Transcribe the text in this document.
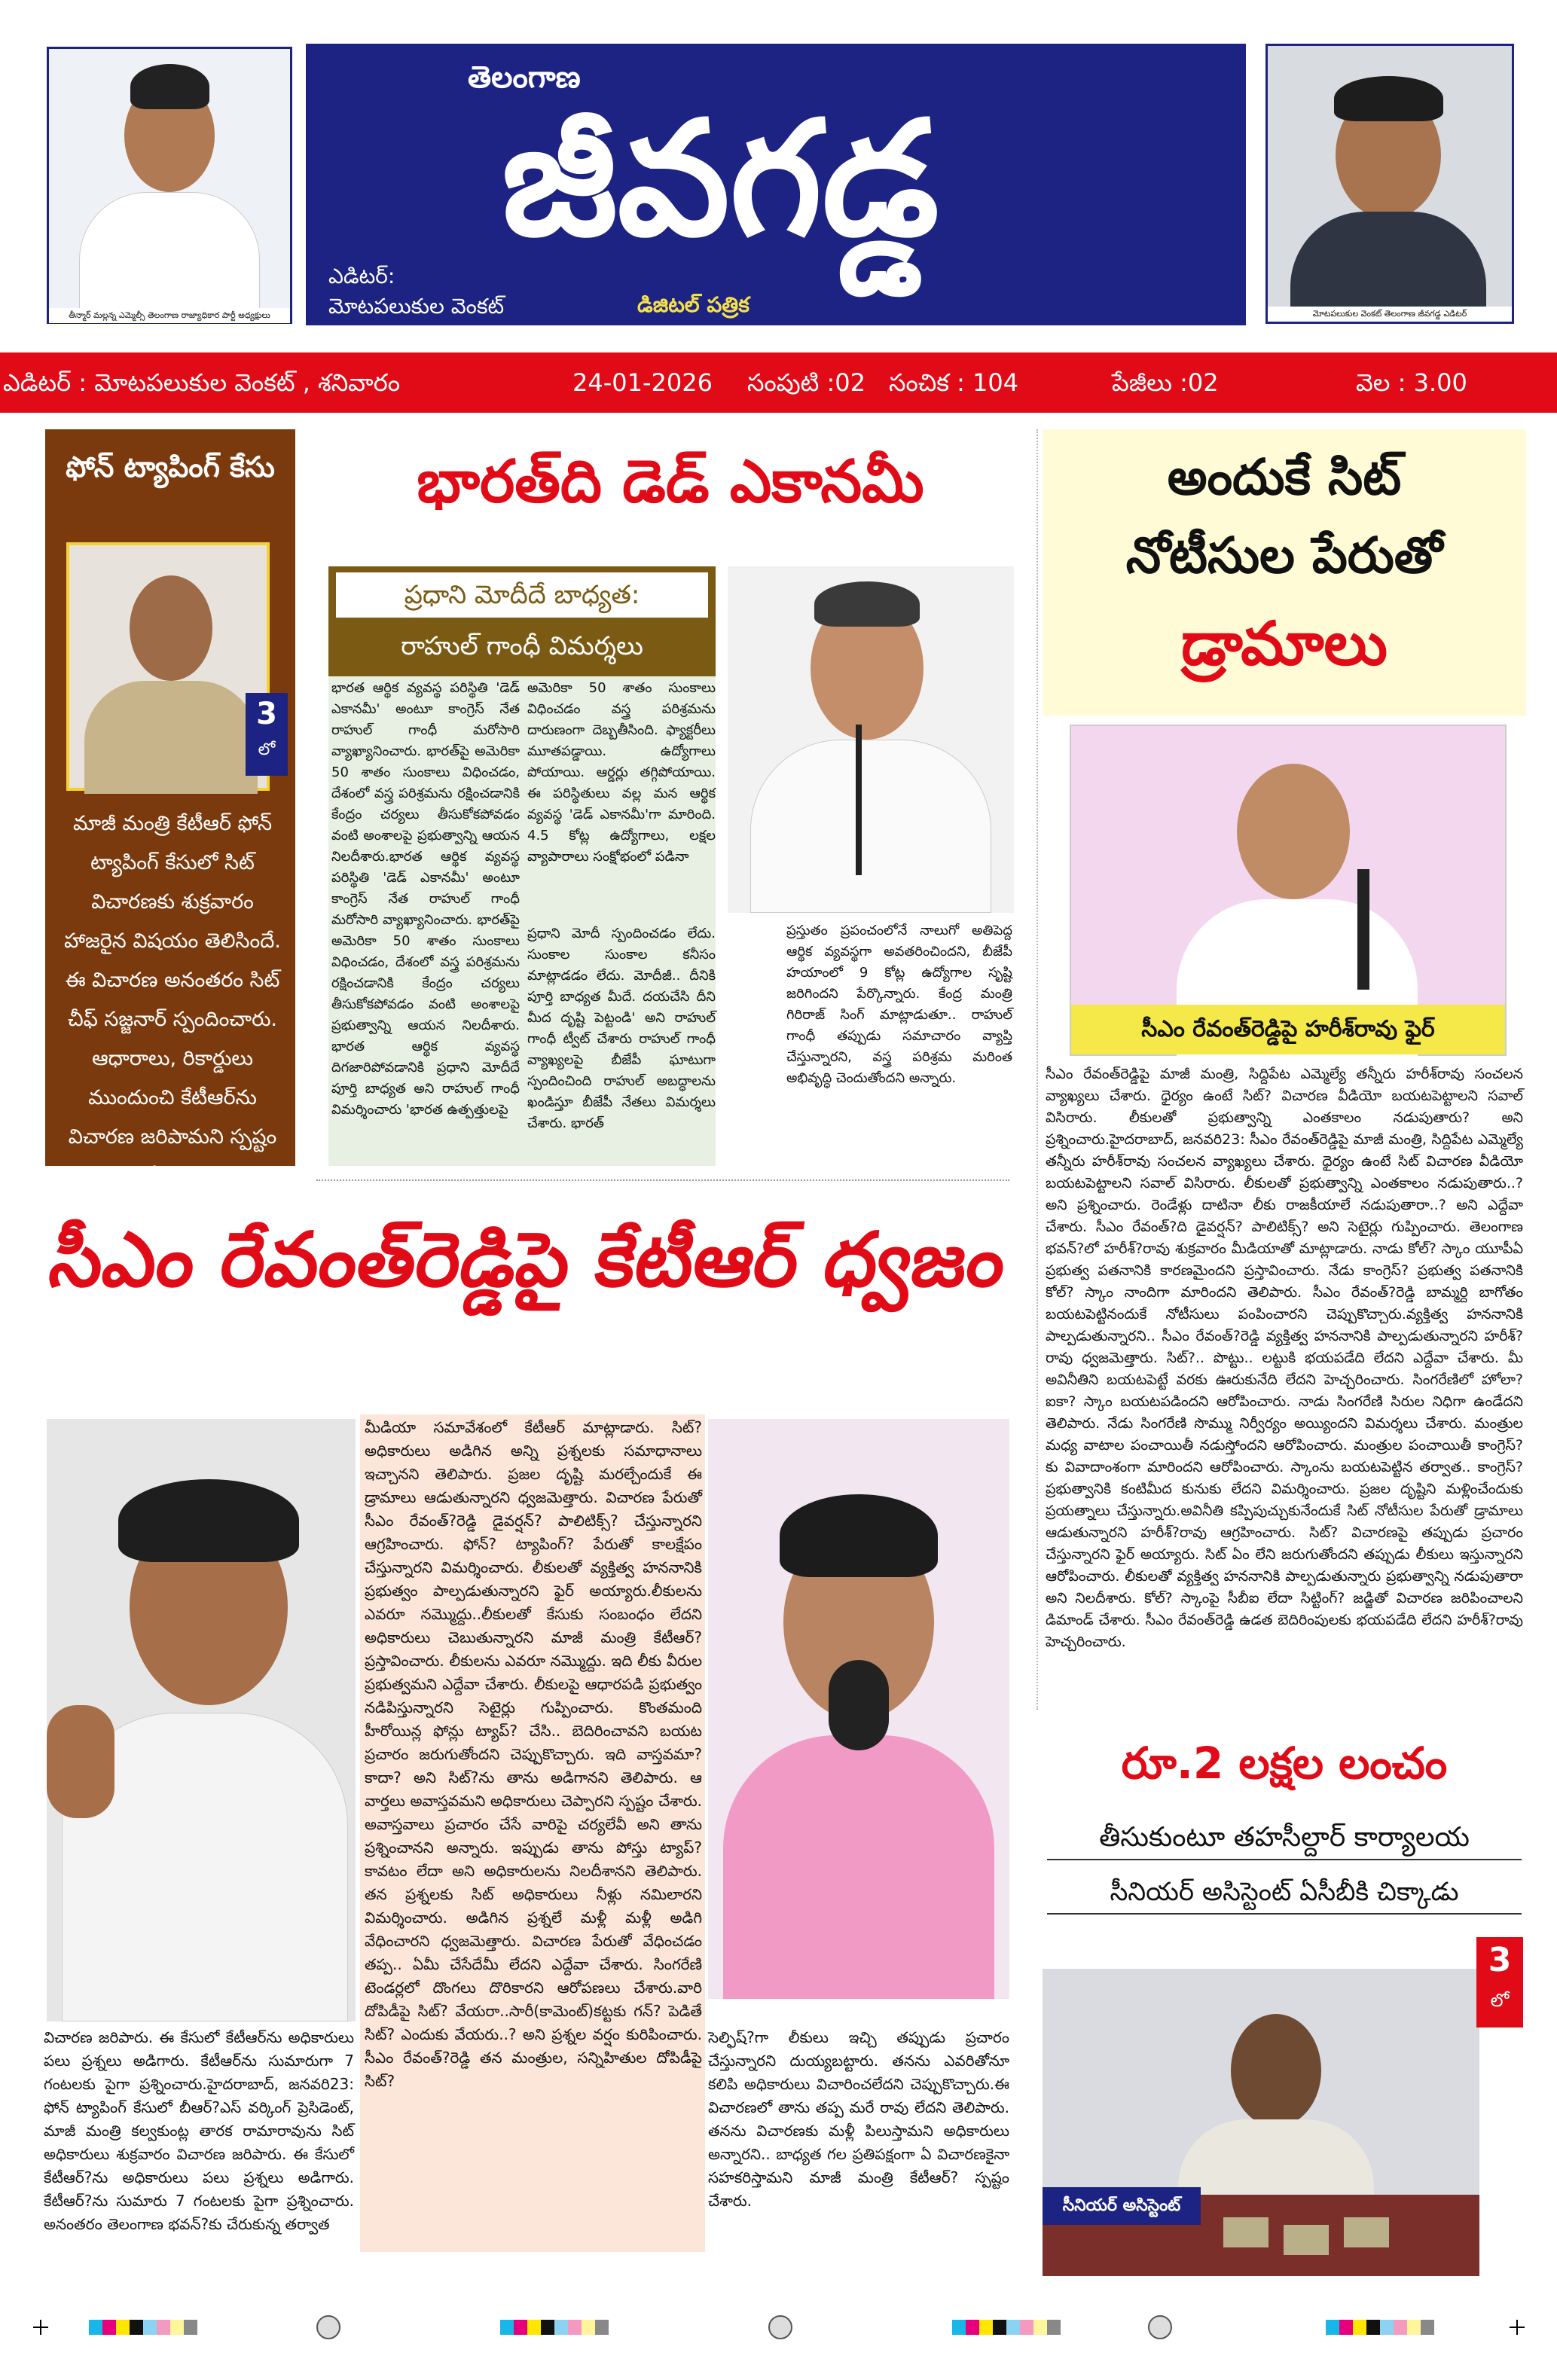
తీన్మార్ మల్లన్న ఎమ్మెల్సీ తెలంగాణ రాజ్యాధికార పార్టీ అధ్యక్షులు
తెలంగాణ
జీవగడ్డ
ఎడిటర్:
మోటపలుకుల వెంకట్	డిజిటల్ పత్రిక	మోటపలుకుల వెంకట్ తెలంగాణ జీవగడ్డ ఎడిటర్
ఎడిటర్ : మోటపలుకుల వెంకట్ , శనివారం	24-01-2026 సంపుటి :02 సంచిక : 104	పేజీలు :02	వెల : 3.00
ఫోన్ ట్యాపింగ్ కేసు
3
లో
మాజీ మంత్రి కేటీఆర్ ఫోన్ ట్యాపింగ్ కేసులో సిట్ విచారణకు శుక్రవారం హాజరైన విషయం తెలిసిందే. ఈ విచారణ అనంతరం సిట్ చీఫ్ సజ్జనార్ స్పందించారు. ఆధారాలు, రికార్డులు ముందుంచి కేటీఆర్‌ను విచారణ జరిపామని స్పష్టం చేశారు.
భారత్‌ది డెడ్ ఎకానమీ
ప్రధాని మోదీదే బాధ్యత:
రాహుల్ గాంధీ విమర్శలు
భారత ఆర్థిక వ్యవస్థ పరిస్థితి 'డెడ్ ఎకానమీ' అంటూ కాంగ్రెస్ నేత రాహుల్ గాంధీ మరోసారి వ్యాఖ్యానించారు. భారత్‌పై అమెరికా 50 శాతం సుంకాలు విధించడం, దేశంలో వస్త్ర పరిశ్రమను రక్షించడానికి కేంద్రం చర్యలు తీసుకోకపోవడం వంటి అంశాలపై ప్రభుత్వాన్ని ఆయన నిలదీశారు.భారత ఆర్థిక వ్యవస్థ పరిస్థితి 'డెడ్ ఎకానమీ' అంటూ కాంగ్రెస్ నేత రాహుల్ గాంధీ మరోసారి వ్యాఖ్యానించారు. భారత్‌పై అమెరికా 50 శాతం సుంకాలు విధించడం, దేశంలో వస్త్ర పరిశ్రమను రక్షించడానికి కేంద్రం చర్యలు తీసుకోకపోవడం వంటి అంశాలపై ప్రభుత్వాన్ని ఆయన నిలదీశారు. భారత ఆర్థిక వ్యవస్థ దిగజారిపోవడానికి ప్రధాని మోదీదే పూర్తి బాధ్యత అని రాహుల్ గాంధీ విమర్శించారు 'భారత ఉత్పత్తులపై
అమెరికా 50 శాతం సుంకాలు విధించడం వస్త్ర పరిశ్రమను దారుణంగా దెబ్బతీసింది. ఫ్యాక్టరీలు మూతపడ్డాయి. ఉద్యోగాలు పోయాయి. ఆర్డర్లు తగ్గిపోయాయి. ఈ పరిస్థితులు వల్ల మన ఆర్థిక వ్యవస్థ 'డెడ్ ఎకానమీ'గా మారింది. 4.5 కోట్ల ఉద్యోగాలు, లక్షల వ్యాపారాలు సంక్షోభంలో పడినా
ప్రధాని మోదీ స్పందించడం లేదు. సుంకాల సుంకాల కనీసం మాట్లాడడం లేదు. మోదీజీ.. దీనికి పూర్తి బాధ్యత మీదే. దయచేసి దీని మీద దృష్టి పెట్టండి' అని రాహుల్ గాంధీ ట్వీట్ చేశారు రాహుల్ గాంధీ వ్యాఖ్యలపై బీజేపీ ఘాటుగా స్పందించింది రాహుల్ అబద్ధాలను ఖండిస్తూ బీజేపీ నేతలు విమర్శలు చేశారు. భారత్
ప్రస్తుతం ప్రపంచంలోనే నాలుగో అతిపెద్ద ఆర్థిక వ్యవస్థగా అవతరించిందని, బీజేపీ హయాంలో 9 కోట్ల ఉద్యోగాల సృష్టి జరిగిందని పేర్కొన్నారు. కేంద్ర మంత్రి గిరిరాజ్ సింగ్ మాట్లాడుతూ.. రాహుల్ గాంధీ తప్పుడు సమాచారం వ్యాప్తి చేస్తున్నారని, వస్త్ర పరిశ్రమ మరింత అభివృద్ధి చెందుతోందని అన్నారు.
అందుకే సిట్
నోటీసుల పేరుతో
డ్రామాలు
సీఎం రేవంత్‌రెడ్డిపై హరీశ్‌రావు ఫైర్
సీఎం రేవంత్‌రెడ్డిపై మాజీ మంత్రి, సిద్దిపేట ఎమ్మెల్యే తన్నీరు హరీశ్‌రావు సంచలన వ్యాఖ్యలు చేశారు. ధైర్యం ఉంటే సిట్? విచారణ వీడియో బయటపెట్టాలని సవాల్ విసిరారు. లీకులతో ప్రభుత్వాన్ని ఎంతకాలం నడుపుతారు? అని ప్రశ్నించారు.హైదరాబాద్, జనవరి23: సీఎం రేవంత్‌రెడ్డిపై మాజీ మంత్రి, సిద్దిపేట ఎమ్మెల్యే తన్నీరు హరీశ్‌రావు సంచలన వ్యాఖ్యలు చేశారు. ధైర్యం ఉంటే సిట్ విచారణ వీడియో బయటపెట్టాలని సవాల్ విసిరారు. లీకులతో ప్రభుత్వాన్ని ఎంతకాలం నడుపుతారు..? అని ప్రశ్నించారు. రెండేళ్లు దాటినా లీకు రాజకీయాలే నడుపుతారా..? అని ఎద్దేవా చేశారు. సీఎం రేవంత్?ది డైవర్షన్? పాలిటిక్స్? అని సెటైర్లు గుప్పించారు. తెలంగాణ భవన్?లో హరీశ్?రావు శుక్రవారం మీడియాతో మాట్లాడారు. నాడు కోల్? స్కాం యూపీఏ ప్రభుత్వ పతనానికి కారణమైందని ప్రస్తావించారు. నేడు కాంగ్రెస్? ప్రభుత్వ పతనానికి కోల్? స్కాం నాందిగా మారిందని తెలిపారు. సీఎం రేవంత్?రెడ్డి బామ్మర్ది బాగోతం బయటపెట్టినందుకే నోటీసులు పంపించారని చెప్పుకొచ్చారు.వ్యక్తిత్వ హననానికి పాల్పడుతున్నారని.. సీఎం రేవంత్?రెడ్డి వ్యక్తిత్వ హననానికి పాల్పడుతున్నారని హరీశ్?రావు ధ్వజమెత్తారు. సిట్?.. పొట్టు.. లట్టుకి భయపడేది లేదని ఎద్దేవా చేశారు. మీ అవినీతిని బయటపెట్టే వరకు ఊరుకునేది లేదని హెచ్చరించారు. సింగరేణిలో హోలా? ఐకా? స్కాం బయటపడిందని ఆరోపించారు. నాడు సింగరేణి సిరుల నిధిగా ఉండేదని తెలిపారు. నేడు సింగరేణి సొమ్ము నిర్వీర్యం అయ్యిందని విమర్శలు చేశారు. మంత్రుల మధ్య వాటాల పంచాయితీ నడుస్తోందని ఆరోపించారు. మంత్రుల పంచాయితీ కాంగ్రెస్?కు వివాదాంశంగా మారిందని ఆరోపించారు. స్కాంను బయటపెట్టిన తర్వాత.. కాంగ్రెస్? ప్రభుత్వానికి కంటిమీద కునుకు లేదని విమర్శించారు. ప్రజల దృష్టిని మళ్లించేందుకు ప్రయత్నాలు చేస్తున్నారు.అవినీతి కప్పిపుచ్చుకునేందుకే సిట్ నోటీసుల పేరుతో డ్రామాలు ఆడుతున్నారని హరీశ్?రావు ఆగ్రహించారు. సిట్? విచారణపై తప్పుడు ప్రచారం చేస్తున్నారని ఫైర్ అయ్యారు. సిట్ ఏం లేని జరుగుతోందని తప్పుడు లీకులు ఇస్తున్నారని ఆరోపించారు. లీకులతో వ్యక్తిత్వ హననానికి పాల్పడుతున్నారు ప్రభుత్వాన్ని నడుపుతారా అని నిలదీశారు. కోల్? స్కాంపై సీబీఐ లేదా సిట్టింగ్? జడ్జితో విచారణ జరిపించాలని డిమాండ్ చేశారు. సీఎం రేవంత్‌రెడ్డి ఉడత బెదిరింపులకు భయపడేది లేదని హరీశ్?రావు హెచ్చరించారు.
రూ.2 లక్షల లంచం
తీసుకుంటూ తహసీల్దార్ కార్యాలయ
సీనియర్ అసిస్టెంట్ ఏసీబీకి చిక్కాడు
సీనియర్ అసిస్టెంట్
3
లో
సీఎం రేవంత్‌రెడ్డిపై కేటీఆర్ ధ్వజం
మీడియా సమావేశంలో కేటీఆర్ మాట్లాడారు. సిట్? అధికారులు అడిగిన అన్ని ప్రశ్నలకు సమాధానాలు ఇచ్చానని తెలిపారు. ప్రజల దృష్టి మరల్చేందుకే ఈ డ్రామాలు ఆడుతున్నారని ధ్వజమెత్తారు. విచారణ పేరుతో సీఎం రేవంత్?రెడ్డి డైవర్షన్? పాలిటిక్స్? చేస్తున్నారని ఆగ్రహించారు. ఫోన్? ట్యాపింగ్? పేరుతో కాలక్షేపం చేస్తున్నారని విమర్శించారు. లీకులతో వ్యక్తిత్వ హననానికి ప్రభుత్వం పాల్పడుతున్నారని ఫైర్ అయ్యారు.లీకులను ఎవరూ నమ్మొద్దు..లీకులతో కేసుకు సంబంధం లేదని అధికారులు చెబుతున్నారని మాజీ మంత్రి కేటీఆర్? ప్రస్తావించారు. లీకులను ఎవరూ నమ్మొద్దు. ఇది లీకు వీరుల ప్రభుత్వమని ఎద్దేవా చేశారు. లీకులపై ఆధారపడి ప్రభుత్వం నడిపిస్తున్నారని సెటైర్లు గుప్పించారు. కొంతమంది హీరోయిన్ల ఫోన్లు ట్యాప్? చేసి.. బెదిరించావని బయట ప్రచారం జరుగుతోందని చెప్పుకొచ్చారు. ఇది వాస్తవమా? కాదా? అని సిట్?ను తాను అడిగానని తెలిపారు. ఆ వార్తలు అవాస్తవమని అధికారులు చెప్పారని స్పష్టం చేశారు. అవాస్తవాలు ప్రచారం చేసే వారిపై చర్యలేవీ అని తాను ప్రశ్నించానని అన్నారు. ఇప్పుడు తాను పోస్తు ట్యాప్? కావటం లేదా అని అధికారులను నిలదీశానని తెలిపారు. తన ప్రశ్నలకు సిట్ అధికారులు నీళ్లు నమిలారని విమర్శించారు. అడిగిన ప్రశ్నలే మళ్లీ మళ్లీ అడిగి వేధించారని ధ్వజమెత్తారు. విచారణ పేరుతో వేధించడం తప్ప.. ఏమీ చేసేదేమీ లేదని ఎద్దేవా చేశారు. సింగరేణి టెండర్లలో దొంగలు దొరికారని ఆరోపణలు చేశారు.వారి దోపిడీపై సిట్? వేయరా..సారీ(కామెంట్)కట్టకు గన్? పెడితే సిట్? ఎందుకు వేయరు..? అని ప్రశ్నల వర్షం కురిపించారు. సీఎం రేవంత్?రెడ్డి తన మంత్రుల, సన్నిహితుల దోపిడీపై సిట్?
విచారణ జరిపారు. ఈ కేసులో కేటీఆర్‌ను అధికారులు పలు ప్రశ్నలు అడిగారు. కేటీఆర్‌ను సుమారుగా 7 గంటలకు పైగా ప్రశ్నించారు.హైదరాబాద్, జనవరి23: ఫోన్ ట్యాపింగ్ కేసులో బీఆర్?ఎస్ వర్కింగ్ ప్రెసిడెంట్, మాజీ మంత్రి కల్వకుంట్ల తారక రామారావును సిట్ అధికారులు శుక్రవారం విచారణ జరిపారు. ఈ కేసులో కేటీఆర్?ను అధికారులు పలు ప్రశ్నలు అడిగారు. కేటీఆర్?ను సుమారు 7 గంటలకు పైగా ప్రశ్నించారు. అనంతరం తెలంగాణ భవన్?కు చేరుకున్న తర్వాత
సెల్ఫిష్?గా లీకులు ఇచ్చి తప్పుడు ప్రచారం చేస్తున్నారని దుయ్యబట్టారు. తనను ఎవరితోనూ కలిపి అధికారులు విచారించలేదని చెప్పుకొచ్చారు.ఈ విచారణలో తాను తప్ప మరే రావు లేదని తెలిపారు. తనను విచారణకు మళ్లీ పిలుస్తామని అధికారులు అన్నారని.. బాధ్యత గల ప్రతిపక్షంగా ఏ విచారణకైనా సహకరిస్తామని మాజీ మంత్రి కేటీఆర్? స్పష్టం చేశారు.
